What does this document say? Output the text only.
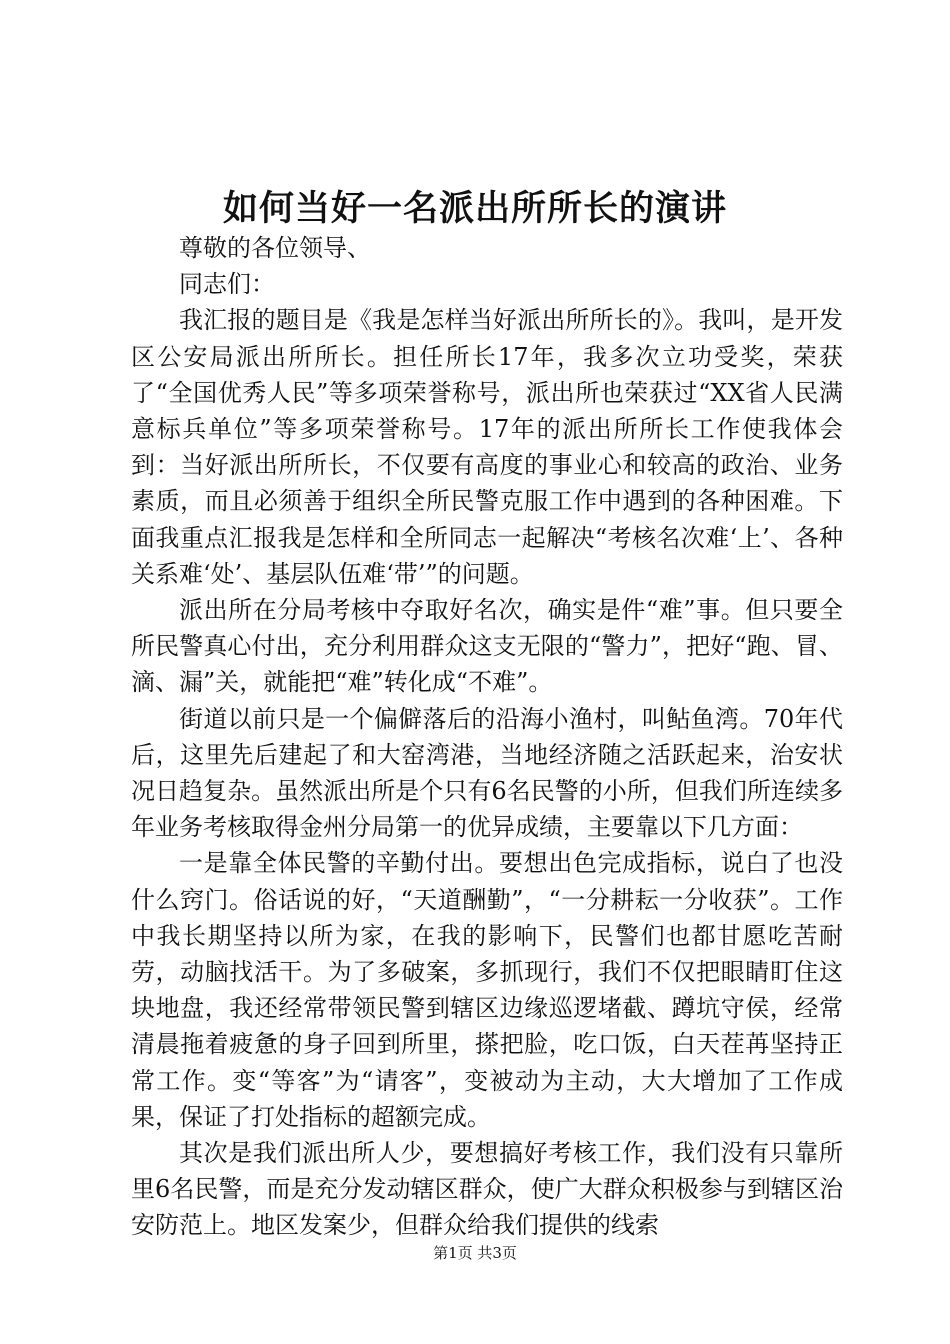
如何当好一名派出所所长的演讲

尊敬的各位领导、

同志们：

我汇报的题目是《我是怎样当好派出所所长的》。我叫，是开发区公安局派出所所长。担任所长17年，我多次立功受奖，荣获了“全国优秀人民”等多项荣誉称号，派出所也荣获过“XX省人民满意标兵单位”等多项荣誉称号。17年的派出所所长工作使我体会到：当好派出所所长，不仅要有高度的事业心和较高的政治、业务素质，而且必须善于组织全所民警克服工作中遇到的各种困难。下面我重点汇报我是怎样和全所同志一起解决“考核名次难‘上’、各种关系难‘处’、基层队伍难‘带’”的问题。

派出所在分局考核中夺取好名次，确实是件“难”事。但只要全所民警真心付出，充分利用群众这支无限的“警力”，把好“跑、冒、滴、漏”关，就能把“难”转化成“不难”。

街道以前只是一个偏僻落后的沿海小渔村，叫鲇鱼湾。70年代后，这里先后建起了和大窑湾港，当地经济随之活跃起来，治安状况日趋复杂。虽然派出所是个只有6名民警的小所，但我们所连续多年业务考核取得金州分局第一的优异成绩，主要靠以下几方面：

一是靠全体民警的辛勤付出。要想出色完成指标，说白了也没什么窍门。俗话说的好，“天道酬勤”，“一分耕耘一分收获”。工作中我长期坚持以所为家，在我的影响下，民警们也都甘愿吃苦耐劳，动脑找活干。为了多破案，多抓现行，我们不仅把眼睛盯住这块地盘，我还经常带领民警到辖区边缘巡逻堵截、蹲坑守侯，经常清晨拖着疲惫的身子回到所里，搽把脸，吃口饭，白天茬苒坚持正常工作。变“等客”为“请客”，变被动为主动，大大增加了工作成果，保证了打处指标的超额完成。

其次是我们派出所人少，要想搞好考核工作，我们没有只靠所里6名民警，而是充分发动辖区群众，使广大群众积极参与到辖区治安防范上。地区发案少，但群众给我们提供的线索

第1页 共3页
